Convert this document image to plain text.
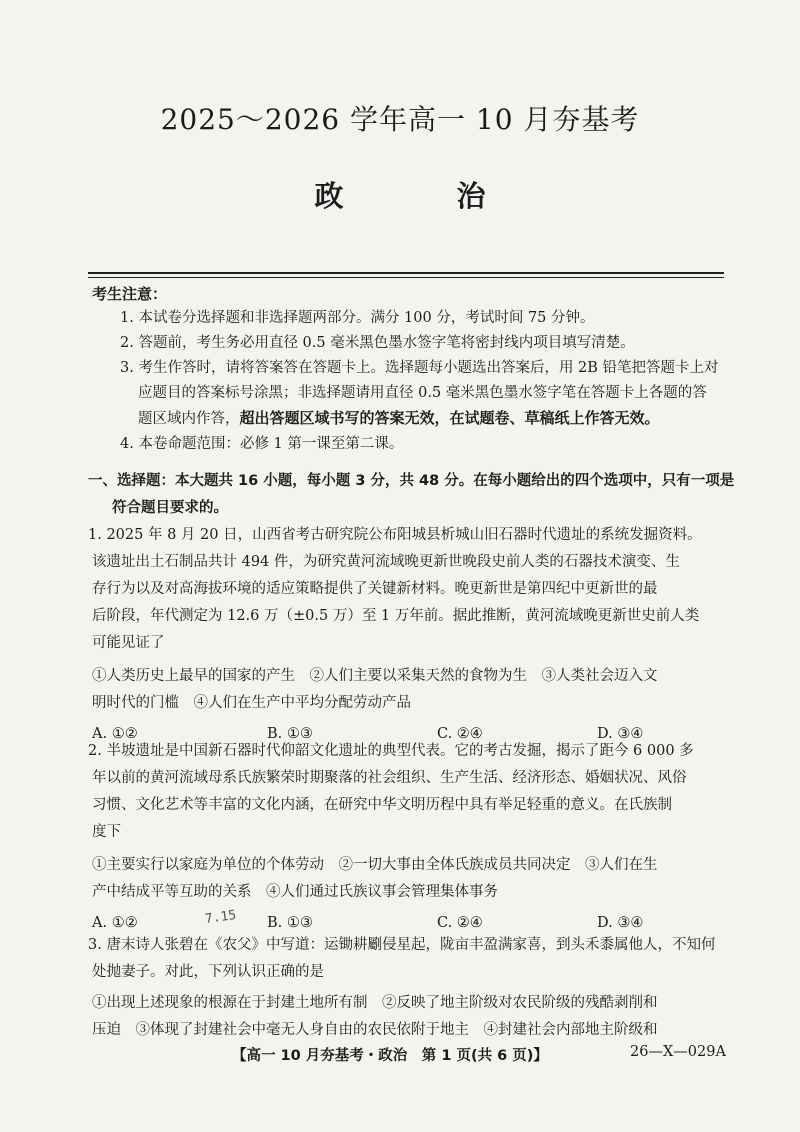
2025～2026 学年高一 10 月夯基考
政　治
考生注意：
1. 本试卷分选择题和非选择题两部分。满分 100 分，考试时间 75 分钟。
2. 答题前，考生务必用直径 0.5 毫米黑色墨水签字笔将密封线内项目填写清楚。
3. 考生作答时，请将答案答在答题卡上。选择题每小题选出答案后，用 2B 铅笔把答题卡上对
应题目的答案标号涂黑；非选择题请用直径 0.5 毫米黑色墨水签字笔在答题卡上各题的答
题区域内作答，超出答题区域书写的答案无效，在试题卷、草稿纸上作答无效。
4. 本卷命题范围：必修 1 第一课至第二课。
一、选择题：本大题共 16 小题，每小题 3 分，共 48 分。在每小题给出的四个选项中，只有一项是
符合题目要求的。
1. 2025 年 8 月 20 日，山西省考古研究院公布阳城县析城山旧石器时代遗址的系统发掘资料。
该遗址出土石制品共计 494 件，为研究黄河流域晚更新世晚段史前人类的石器技术演变、生
存行为以及对高海拔环境的适应策略提供了关键新材料。晚更新世是第四纪中更新世的最
后阶段，年代测定为 12.6 万（±0.5 万）至 1 万年前。据此推断，黄河流域晚更新世史前人类
可能见证了
①人类历史上最早的国家的产生　②人们主要以采集天然的食物为生　③人类社会迈入文
明时代的门槛　④人们在生产中平均分配劳动产品
A. ①②	B. ①③	C. ②④	D. ③④
2. 半坡遗址是中国新石器时代仰韶文化遗址的典型代表。它的考古发掘，揭示了距今 6 000 多
年以前的黄河流域母系氏族繁荣时期聚落的社会组织、生产生活、经济形态、婚姻状况、风俗
习惯、文化艺术等丰富的文化内涵，在研究中华文明历程中具有举足轻重的意义。在氏族制
度下
①主要实行以家庭为单位的个体劳动　②一切大事由全体氏族成员共同决定　③人们在生
产中结成平等互助的关系　④人们通过氏族议事会管理集体事务
A. ①②	B. ①③	C. ②④	D. ③④
7.15
3. 唐末诗人张碧在《农父》中写道：运锄耕劚侵星起，陇亩丰盈满家喜，到头禾黍属他人，不知何
处抛妻子。对此，下列认识正确的是
①出现上述现象的根源在于封建土地所有制　②反映了地主阶级对农民阶级的残酷剥削和
压迫　③体现了封建社会中毫无人身自由的农民依附于地主　④封建社会内部地主阶级和
【高一 10 月夯基考・政治　第 1 页(共 6 页)】	26—X—029A
